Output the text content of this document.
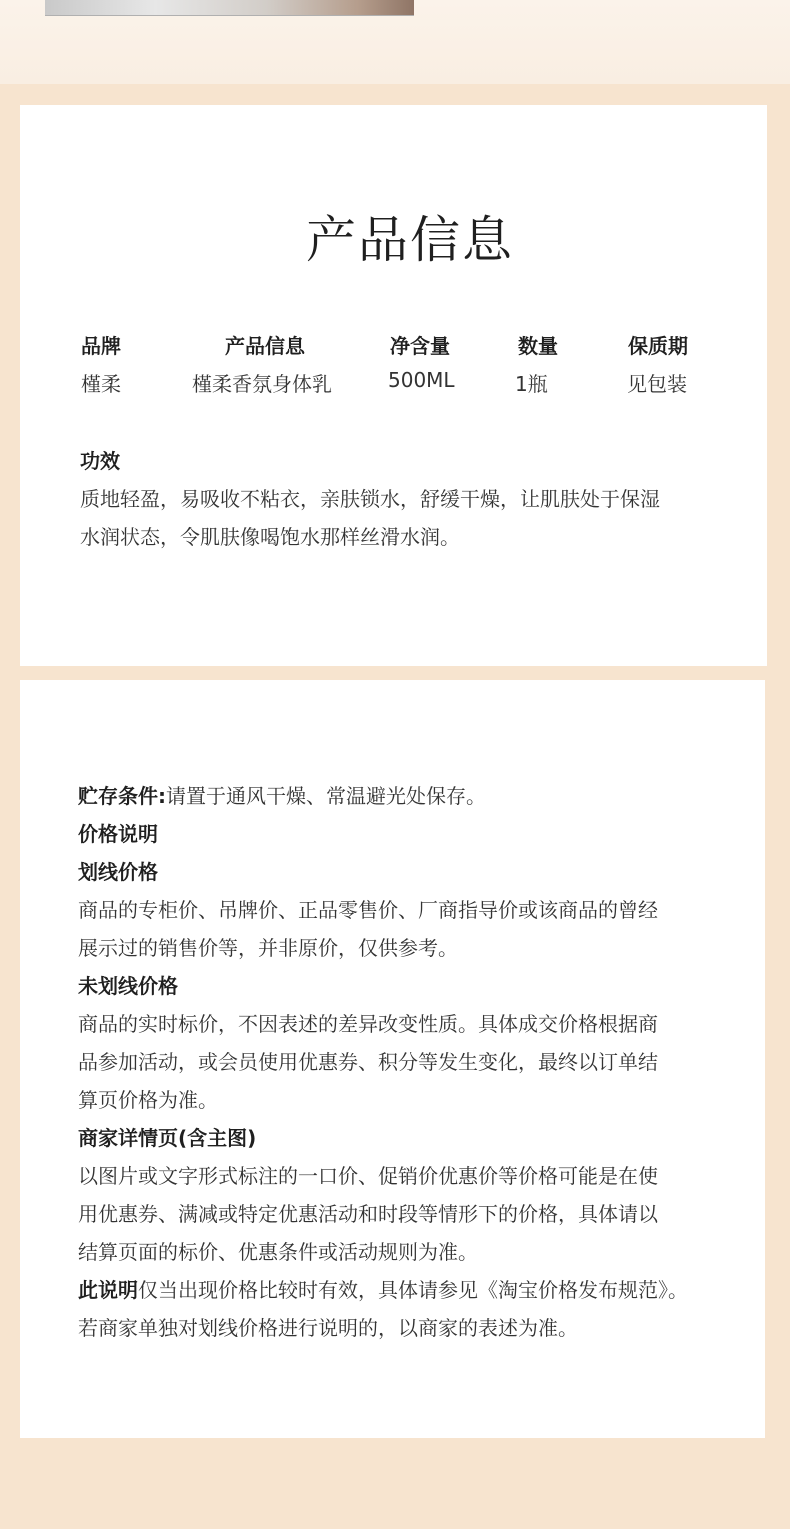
产品信息
品牌	产品信息	净含量	数量	保质期
槿柔	槿柔香氛身体乳	500ML	1瓶	见包装
功效
质地轻盈，易吸收不粘衣，亲肤锁水，舒缓干燥，让肌肤处于保湿
水润状态，令肌肤像喝饱水那样丝滑水润。
贮存条件:请置于通风干燥、常温避光处保存。
价格说明
划线价格
商品的专柜价、吊牌价、正品零售价、厂商指导价或该商品的曾经
展示过的销售价等，并非原价，仅供参考。
未划线价格
商品的实时标价，不因表述的差异改变性质。具体成交价格根据商
品参加活动，或会员使用优惠券、积分等发生变化，最终以订单结
算页价格为准。
商家详情页(含主图)
以图片或文字形式标注的一口价、促销价优惠价等价格可能是在使
用优惠券、满减或特定优惠活动和时段等情形下的价格，具体请以
结算页面的标价、优惠条件或活动规则为准。
此说明仅当出现价格比较时有效，具体请参见《淘宝价格发布规范》。
若商家单独对划线价格进行说明的，以商家的表述为准。
